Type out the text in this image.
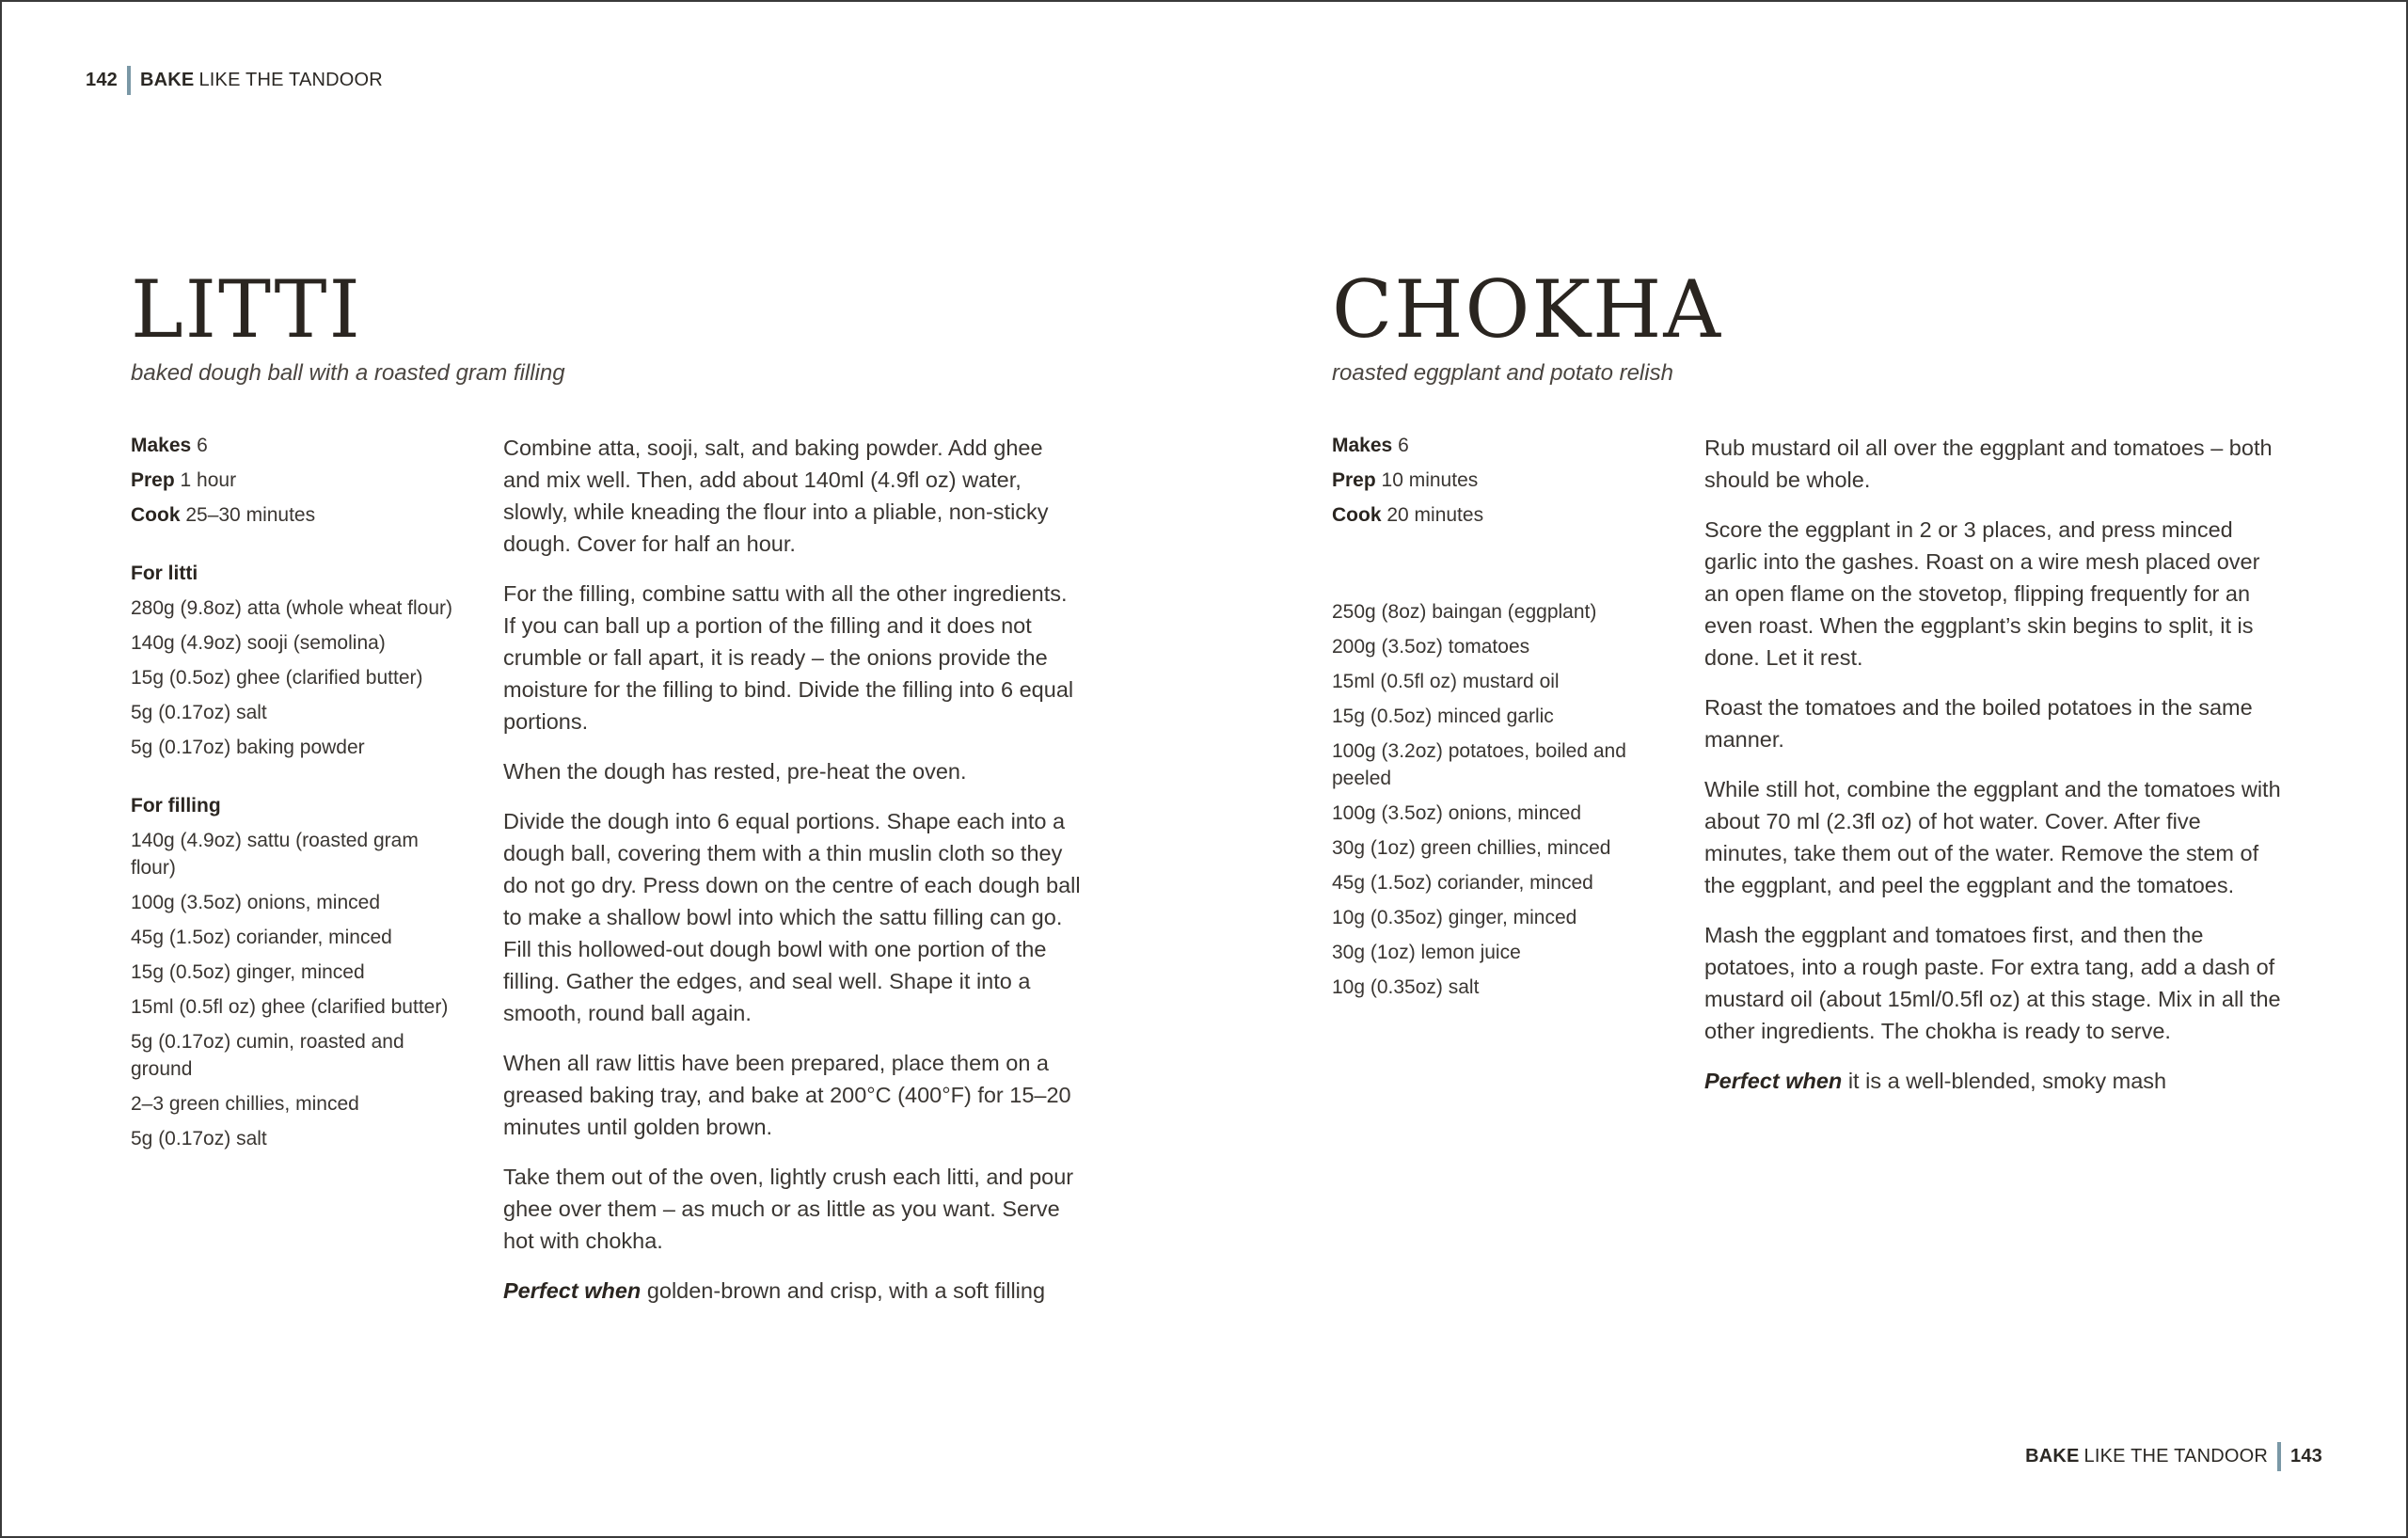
142 BAKE LIKE THE TANDOOR
LITTI

baked dough ball with a roasted gram filling

Makes 6

Prep 1 hour

Cook 25–30 minutes

For litti

280g (9.8oz) atta (whole wheat flour)

140g (4.9oz) sooji (semolina)

15g (0.5oz) ghee (clarified butter)

5g (0.17oz) salt

5g (0.17oz) baking powder

For filling

140g (4.9oz) sattu (roasted gram flour)

100g (3.5oz) onions, minced

45g (1.5oz) coriander, minced

15g (0.5oz) ginger, minced

15ml (0.5fl oz) ghee (clarified butter)

5g (0.17oz) cumin, roasted and ground

2–3 green chillies, minced

5g (0.17oz) salt

Combine atta, sooji, salt, and baking powder. Add ghee and mix well. Then, add about 140ml (4.9fl oz) water, slowly, while kneading the flour into a pliable, non-sticky dough. Cover for half an hour.

For the filling, combine sattu with all the other ingredients. If you can ball up a portion of the filling and it does not crumble or fall apart, it is ready – the onions provide the moisture for the filling to bind. Divide the filling into 6 equal portions.

When the dough has rested, pre-heat the oven.

Divide the dough into 6 equal portions. Shape each into a dough ball, covering them with a thin muslin cloth so they do not go dry. Press down on the centre of each dough ball to make a shallow bowl into which the sattu filling can go. Fill this hollowed-out dough bowl with one portion of the filling. Gather the edges, and seal well. Shape it into a smooth, round ball again.

When all raw littis have been prepared, place them on a greased baking tray, and bake at 200°C (400°F) for 15–20 minutes until golden brown.

Take them out of the oven, lightly crush each litti, and pour ghee over them – as much or as little as you want. Serve hot with chokha.

Perfect when golden-brown and crisp, with a soft filling

CHOKHA

roasted eggplant and potato relish

Makes 6

Prep 10 minutes

Cook 20 minutes

250g (8oz) baingan (eggplant)

200g (3.5oz) tomatoes

15ml (0.5fl oz) mustard oil

15g (0.5oz) minced garlic

100g (3.2oz) potatoes, boiled and peeled

100g (3.5oz) onions, minced

30g (1oz) green chillies, minced

45g (1.5oz) coriander, minced

10g (0.35oz) ginger, minced

30g (1oz) lemon juice

10g (0.35oz) salt

Rub mustard oil all over the eggplant and tomatoes – both should be whole.

Score the eggplant in 2 or 3 places, and press minced garlic into the gashes. Roast on a wire mesh placed over an open flame on the stovetop, flipping frequently for an even roast. When the eggplant’s skin begins to split, it is done. Let it rest.

Roast the tomatoes and the boiled potatoes in the same manner.

While still hot, combine the eggplant and the tomatoes with about 70 ml (2.3fl oz) of hot water. Cover. After five minutes, take them out of the water. Remove the stem of the eggplant, and peel the eggplant and the tomatoes.

Mash the eggplant and tomatoes first, and then the potatoes, into a rough paste. For extra tang, add a dash of mustard oil (about 15ml/0.5fl oz) at this stage. Mix in all the other ingredients. The chokha is ready to serve.

Perfect when it is a well-blended, smoky mash

BAKE LIKE THE TANDOOR 143
